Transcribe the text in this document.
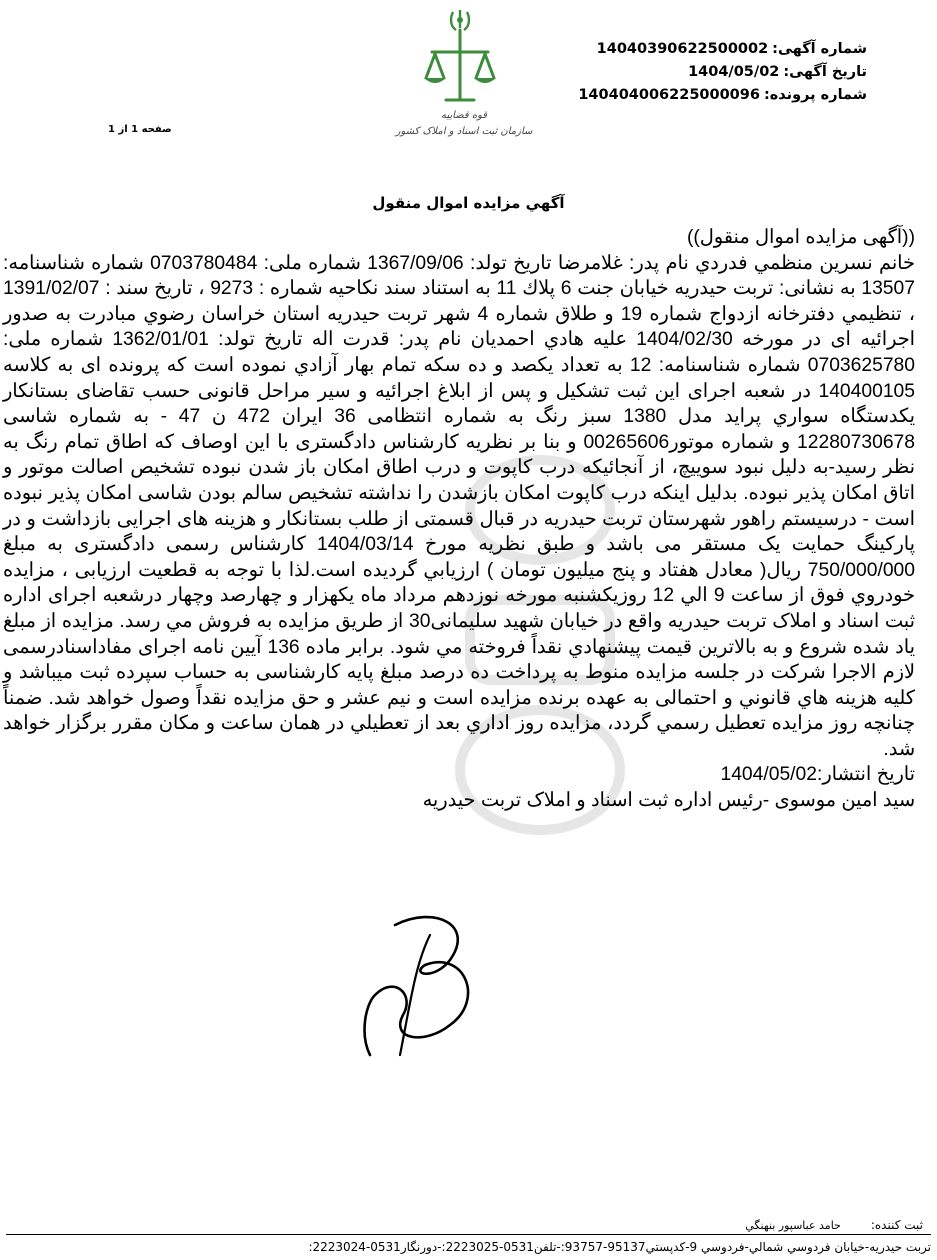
قوه قضاییه
سازمان ثبت اسناد و املاک کشور
شماره آگهی:14040390622500002
تاریخ آگهی:1404/05/02
شماره پرونده:140404006225000096
صفحه 1 از 1
آگهي مزايده اموال منقول

((آگهی مزایده اموال منقول))

خانم نسرين منظمي فدردي نام پدر: غلامرضا تاریخ تولد: 1367/09/06 شماره ملی: 0703780484 شماره شناسنامه: 13507 به نشانی: تربت حيدريه خيابان جنت 6 پلاك 11 به استناد سند نكاحيه شماره : 9273 ، تاريخ سند : 1391/02/07 ، تنظیمي دفترخانه ازدواج شماره 19 و طلاق شماره 4 شهر تربت حيدريه استان خراسان رضوي مبادرت به صدور اجرائیه ای در مورخه 1404/02/30 علیه هادي احمديان نام پدر: قدرت اله تاریخ تولد: 1362/01/01 شماره ملی: 0703625780 شماره شناسنامه: 12 به تعداد يکصد و ده سكه تمام بهار آزادي نموده است که پرونده ای به کلاسه 140400105 در شعبه اجرای این ثبت تشکیل و پس از ابلاغ اجرائیه و سیر مراحل قانونی حسب تقاضای بستانکار يكدستگاه سواري پرايد مدل 1380 سبز رنگ به شماره انتظامی 36 ايران 472 ن 47 - به شماره شاسی 12280730678 و شماره موتور00265606 و بنا بر نظریه کارشناس دادگستری با این اوصاف که اطاق تمام رنگ به نظر رسيد-به دليل نبود سوييچ، از آنجائيكه درب كاپوت و درب اطاق امکان باز شدن نبوده تشخيص اصالت موتور و اتاق امكان پذير نبوده. بدليل اينكه درب كاپوت امكان بازشدن را نداشته تشخيص سالم بودن شاسى امكان پذير نبوده است - درسيستم راهور شهرستان تربت حيدريه در قبال قسمتی از طلب بستانکار و هزينه های اجرايی بازداشت و در پاركينگ حمايت يک مستقر می باشد و طبق نظريه مورخ 1404/03/14 كارشناس رسمی دادگستری به مبلغ 750/000/000 ريال( معادل هفتاد و پنج ميليون تومان ) ارزيابي گرديده است.لذا با توجه به قطعيت ارزيابی ، مزايده خودروي فوق از ساعت 9 الي 12 روزیکشنبه مورخه نوزدهم مرداد ماه يكهزار و چهارصد وچهار درشعبه اجرای اداره ثبت اسناد و املاک تربت حیدریه واقع در خیابان شهید سلیمانی30 از طريق مزايده به فروش مي رسد. مزایده از مبلغ ياد شده شروع و به بالاترين قيمت پيشنهادي نقداً فروخته مي شود. برابر ماده 136 آیین نامه اجرای مفاداسنادرسمی لازم الاجرا شرکت در جلسه مزایده منوط به پرداخت ده درصد مبلغ پایه کارشناسی به حساب سپرده ثبت میباشد و کلیه هزینه هاي قانوني و احتمالی به عهده برنده مزايده است و نيم عشر و حق مزايده نقداً وصول خواهد شد. ضمناً چنانچه روز مزايده تعطيل رسمي گردد، مزايده روز اداري بعد از تعطيلي در همان ساعت و مكان مقرر برگزار خواهد شد.

تاريخ انتشار:1404/05/02

سید امین موسوی -رئیس اداره ثبت اسناد و املاک تربت حیدریه

ثبت کننده:حامد عباسپور بنهنگي
تربت حيدريه-خيابان فردوسي شمالي-فردوسي 9-كدپستي95137-93757:-تلفن0531-2223025:-دورنگار0531-2223024:
